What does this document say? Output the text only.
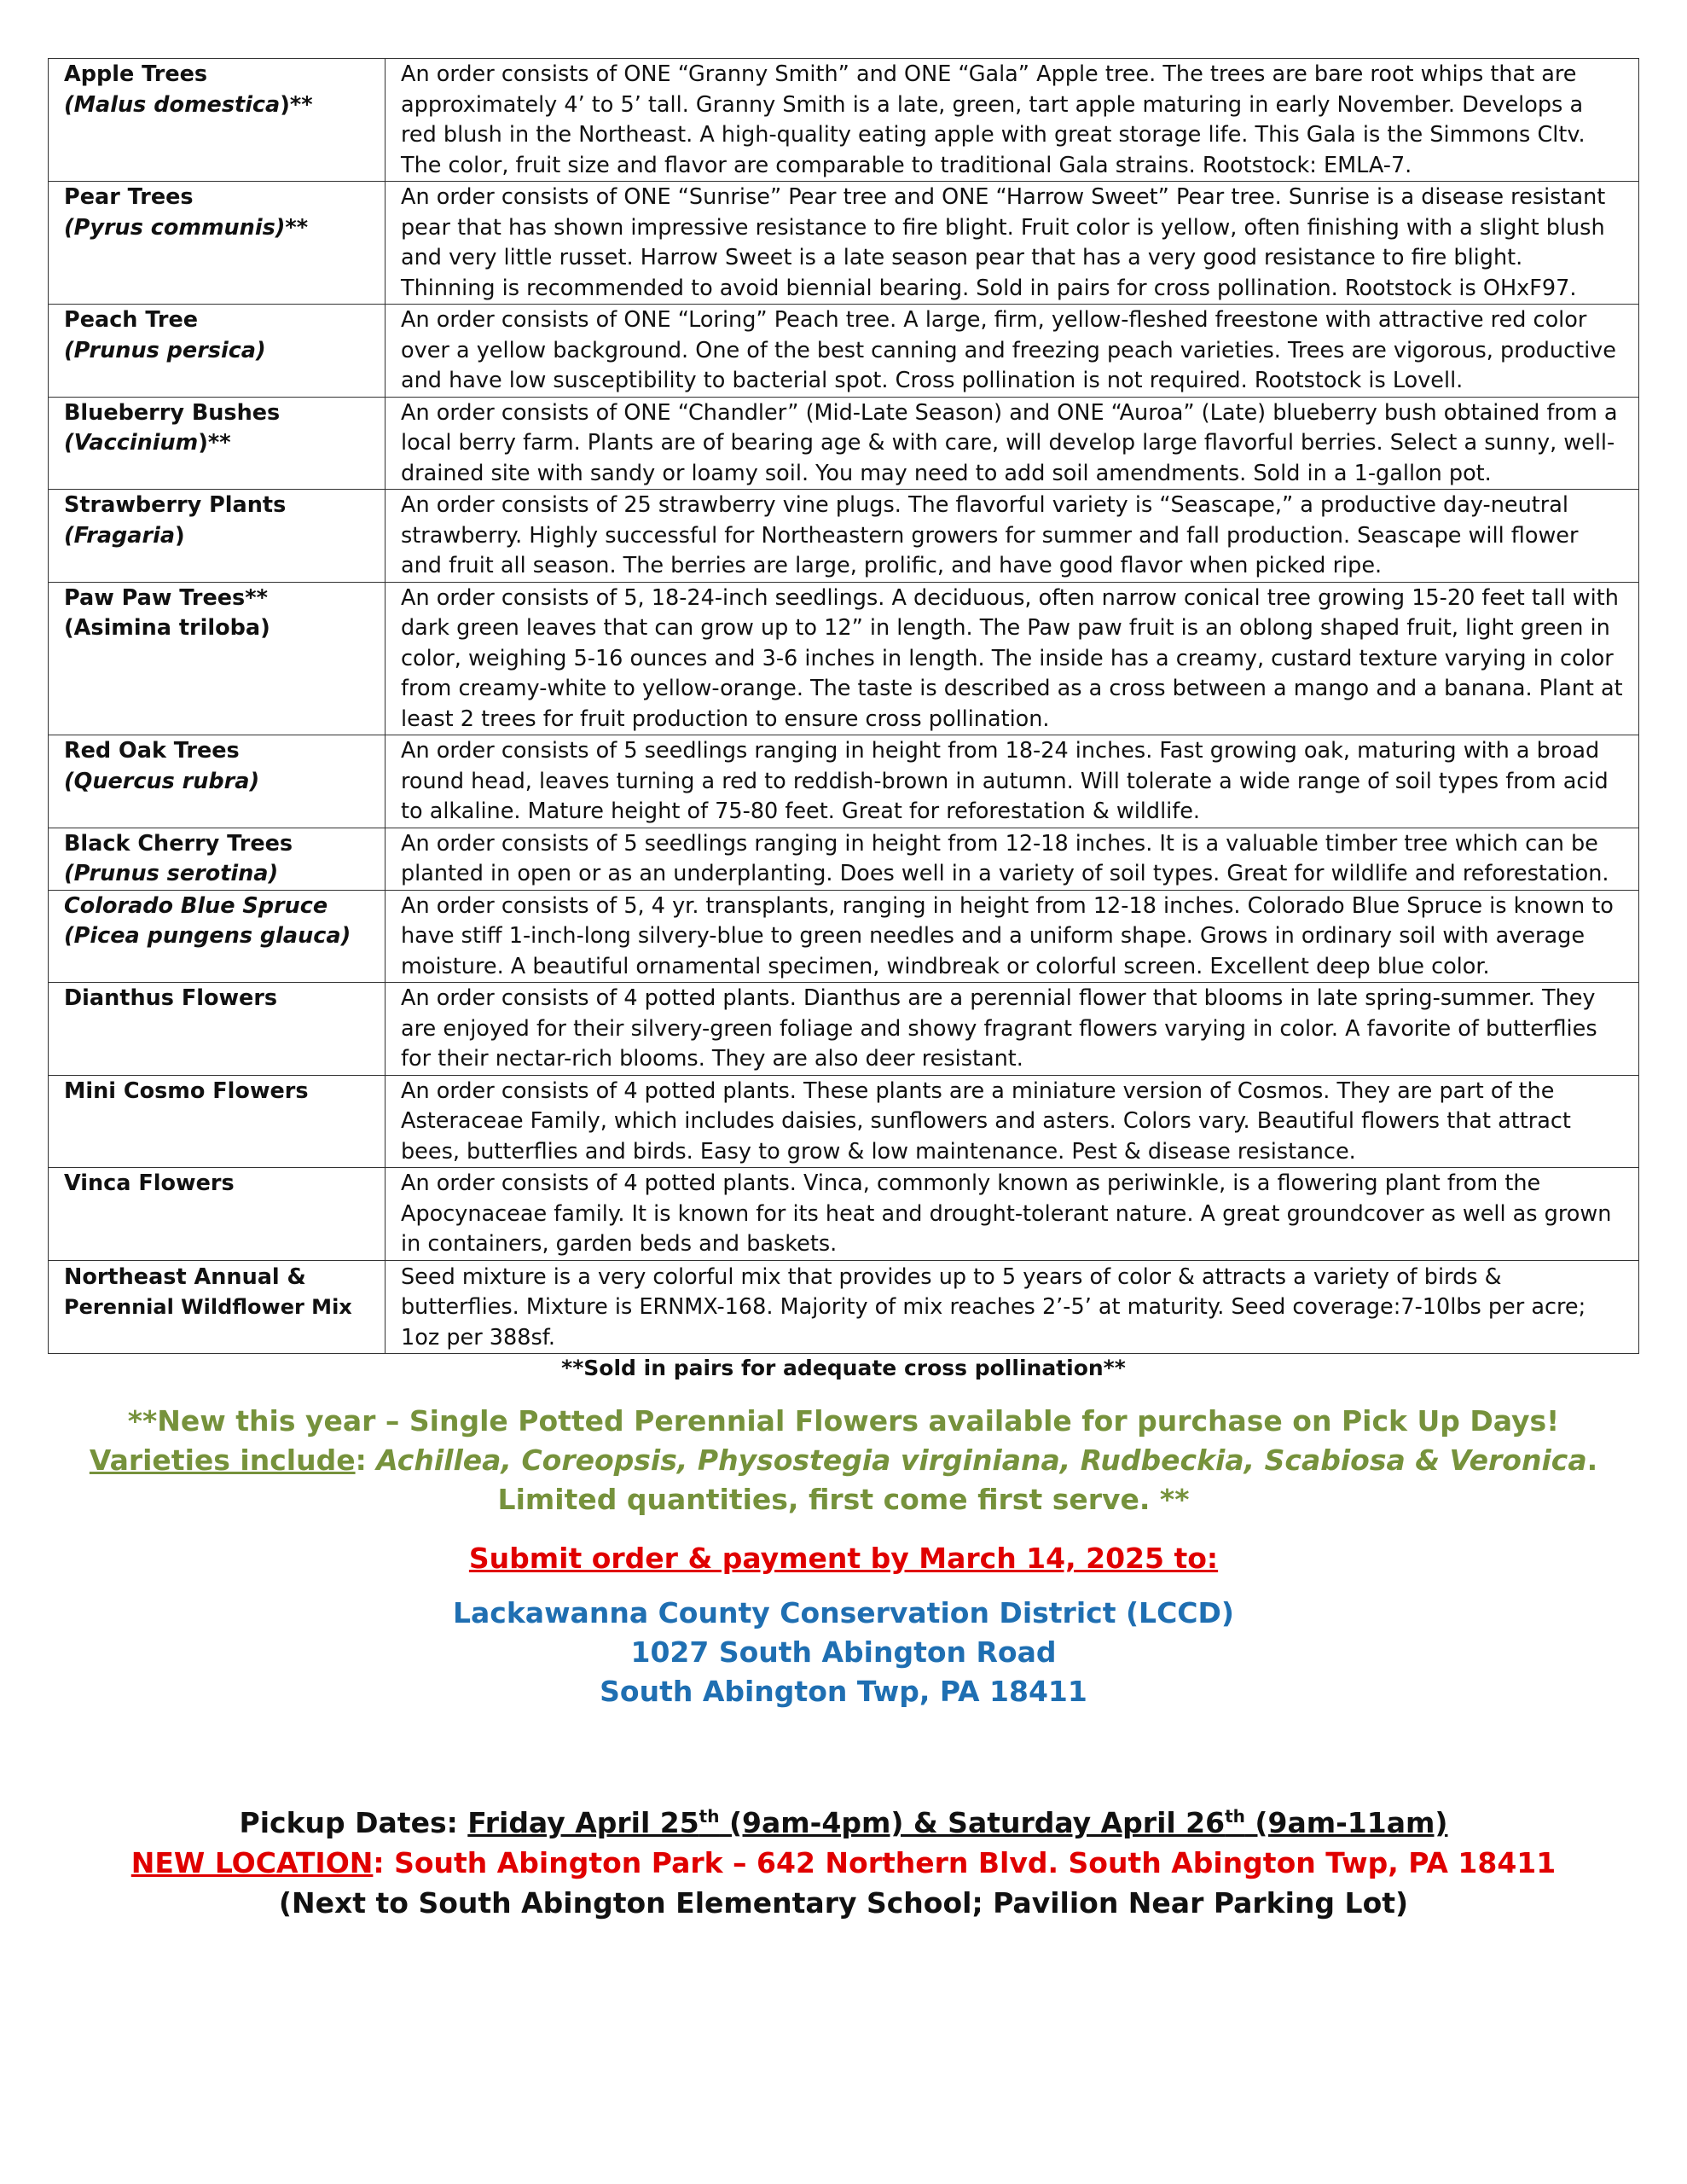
Apple Trees
(Malus domestica)**	An order consists of ONE “Granny Smith” and ONE “Gala” Apple tree. The trees are bare root whips that are approximately 4’ to 5’ tall. Granny Smith is a late, green, tart apple maturing in early November. Develops a red blush in the Northeast. A high-quality eating apple with great storage life. This Gala is the Simmons Cltv. The color, fruit size and flavor are comparable to traditional Gala strains. Rootstock: EMLA-7.
Pear Trees
(Pyrus communis)**	An order consists of ONE “Sunrise” Pear tree and ONE “Harrow Sweet” Pear tree. Sunrise is a disease resistant pear that has shown impressive resistance to fire blight. Fruit color is yellow, often finishing with a slight blush and very little russet. Harrow Sweet is a late season pear that has a very good resistance to fire blight. Thinning is recommended to avoid biennial bearing. Sold in pairs for cross pollination. Rootstock is OHxF97.
Peach Tree
(Prunus persica)	An order consists of ONE “Loring” Peach tree. A large, firm, yellow-fleshed freestone with attractive red color over a yellow background. One of the best canning and freezing peach varieties. Trees are vigorous, productive and have low susceptibility to bacterial spot. Cross pollination is not required. Rootstock is Lovell.
Blueberry Bushes
(Vaccinium)**	An order consists of ONE “Chandler” (Mid-Late Season) and ONE “Auroa” (Late) blueberry bush obtained from a local berry farm. Plants are of bearing age & with care, will develop large flavorful berries. Select a sunny, well-drained site with sandy or loamy soil. You may need to add soil amendments. Sold in a 1-gallon pot.
Strawberry Plants
(Fragaria)	An order consists of 25 strawberry vine plugs. The flavorful variety is “Seascape,” a productive day-neutral strawberry. Highly successful for Northeastern growers for summer and fall production. Seascape will flower and fruit all season. The berries are large, prolific, and have good flavor when picked ripe.
Paw Paw Trees**
(Asimina triloba)	An order consists of 5, 18-24-inch seedlings. A deciduous, often narrow conical tree growing 15-20 feet tall with dark green leaves that can grow up to 12” in length. The Paw paw fruit is an oblong shaped fruit, light green in color, weighing 5-16 ounces and 3-6 inches in length. The inside has a creamy, custard texture varying in color from creamy-white to yellow-orange. The taste is described as a cross between a mango and a banana. Plant at least 2 trees for fruit production to ensure cross pollination.
Red Oak Trees
(Quercus rubra)	An order consists of 5 seedlings ranging in height from 18-24 inches. Fast growing oak, maturing with a broad round head, leaves turning a red to reddish-brown in autumn. Will tolerate a wide range of soil types from acid to alkaline. Mature height of 75-80 feet. Great for reforestation & wildlife.
Black Cherry Trees
(Prunus serotina)	An order consists of 5 seedlings ranging in height from 12-18 inches. It is a valuable timber tree which can be planted in open or as an underplanting. Does well in a variety of soil types. Great for wildlife and reforestation.
Colorado Blue Spruce (Picea pungens glauca)	An order consists of 5, 4 yr. transplants, ranging in height from 12-18 inches. Colorado Blue Spruce is known to have stiff 1-inch-long silvery-blue to green needles and a uniform shape. Grows in ordinary soil with average moisture. A beautiful ornamental specimen, windbreak or colorful screen. Excellent deep blue color.
Dianthus Flowers	An order consists of 4 potted plants. Dianthus are a perennial flower that blooms in late spring-summer. They are enjoyed for their silvery-green foliage and showy fragrant flowers varying in color. A favorite of butterflies for their nectar-rich blooms. They are also deer resistant.
Mini Cosmo Flowers	An order consists of 4 potted plants. These plants are a miniature version of Cosmos. They are part of the Asteraceae Family, which includes daisies, sunflowers and asters. Colors vary. Beautiful flowers that attract bees, butterflies and birds. Easy to grow & low maintenance. Pest & disease resistance.
Vinca Flowers	An order consists of 4 potted plants. Vinca, commonly known as periwinkle, is a flowering plant from the Apocynaceae family. It is known for its heat and drought-tolerant nature. A great groundcover as well as grown in containers, garden beds and baskets.
Northeast Annual &
Perennial Wildflower Mix	Seed mixture is a very colorful mix that provides up to 5 years of color & attracts a variety of birds & butterflies. Mixture is ERNMX-168. Majority of mix reaches 2’-5’ at maturity. Seed coverage:7-10lbs per acre; 1oz per 388sf.
**Sold in pairs for adequate cross pollination**
**New this year – Single Potted Perennial Flowers available for purchase on Pick Up Days!
Varieties include: Achillea, Coreopsis, Physostegia virginiana, Rudbeckia, Scabiosa & Veronica.
Limited quantities, first come first serve. **
Submit order & payment by March 14, 2025 to:
Lackawanna County Conservation District (LCCD)
1027 South Abington Road
South Abington Twp, PA 18411
Pickup Dates: Friday April 25th (9am-4pm) & Saturday April 26th (9am-11am)
NEW LOCATION: South Abington Park – 642 Northern Blvd. South Abington Twp, PA 18411
(Next to South Abington Elementary School; Pavilion Near Parking Lot)
